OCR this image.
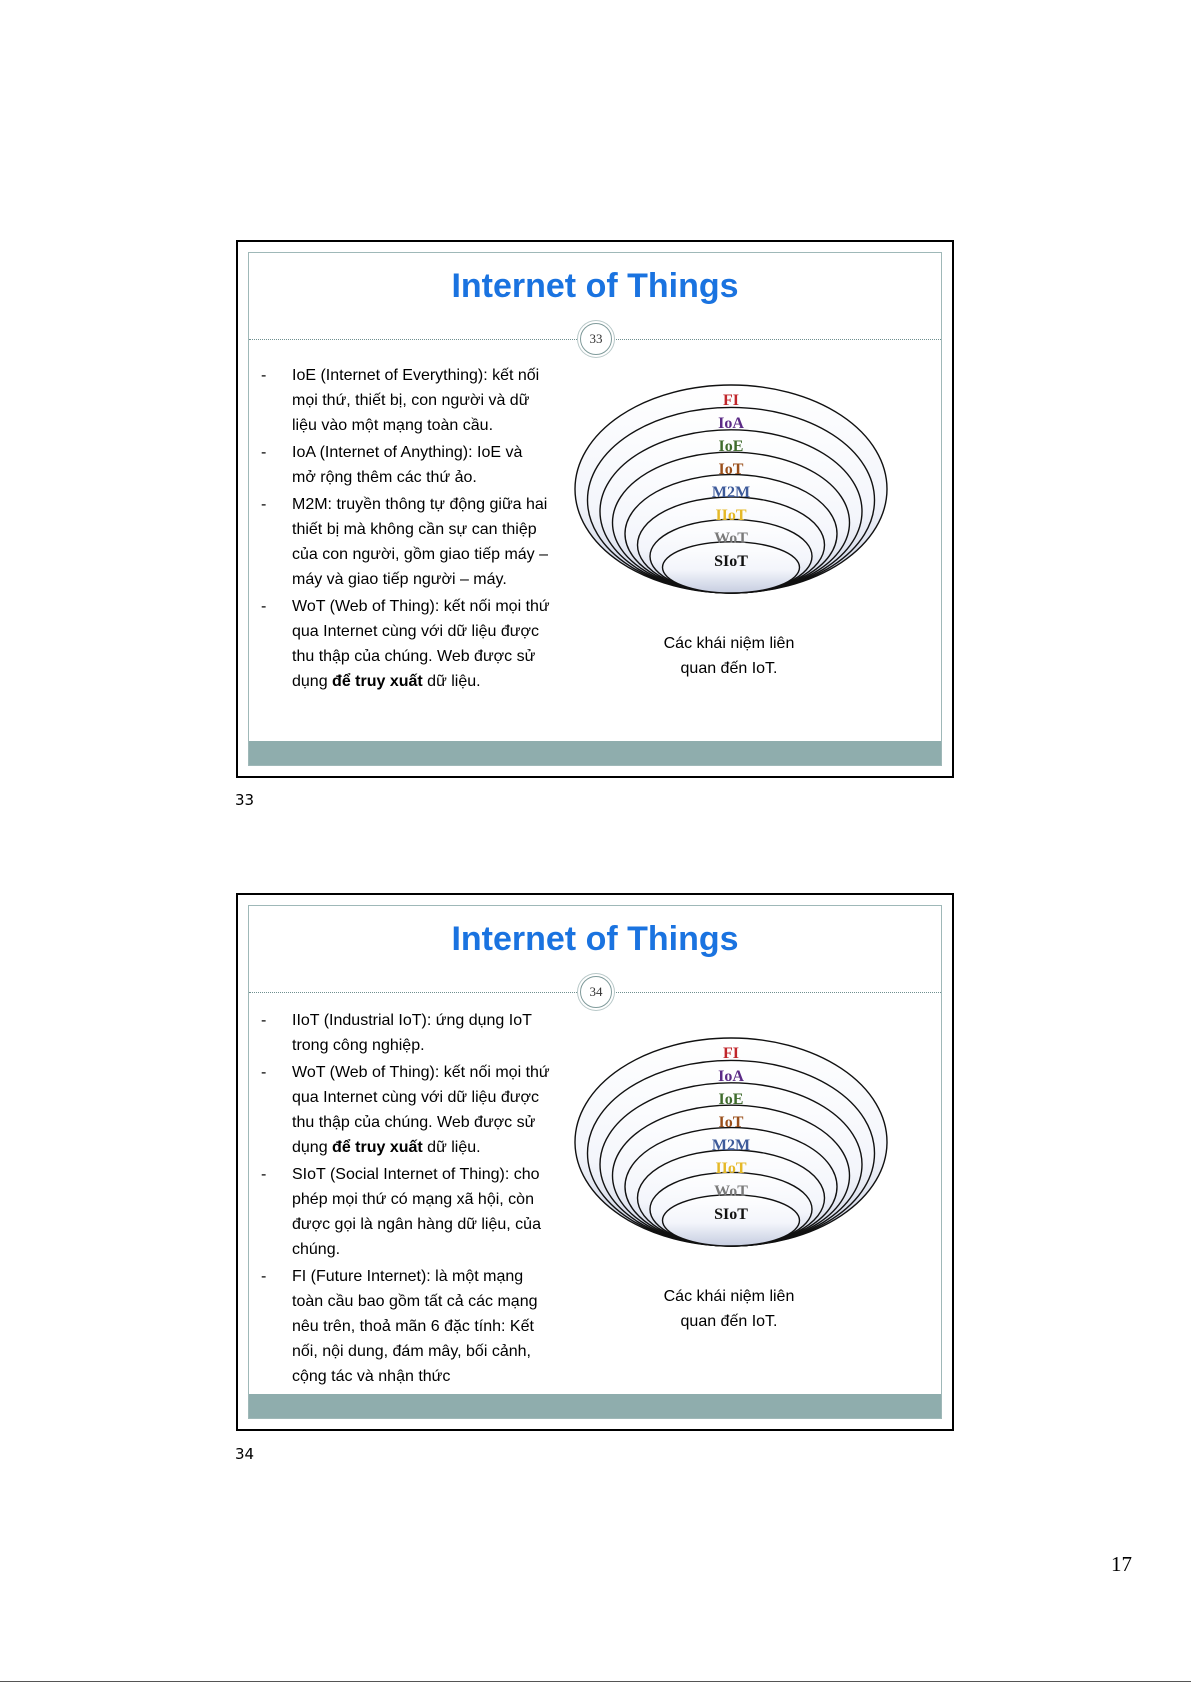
Internet of Things
33
- IoE (Internet of Everything): kết nối
mọi thứ, thiết bị, con người và dữ
liệu vào một mạng toàn cầu.
- IoA (Internet of Anything): IoE và
mở rộng thêm các thứ ảo.
- M2M: truyền thông tự động giữa hai
thiết bị mà không cần sự can thiệp
của con người, gồm giao tiếp máy –
máy và giao tiếp người – máy.
- WoT (Web of Thing): kết nối mọi thứ
qua Internet cùng với dữ liệu được
thu thập của chúng. Web được sử
dụng để truy xuất dữ liệu.
FI
IoA
IoE
IoT
M2M
IIoT
WoT
SIoT
Các khái niệm liên
quan đến IoT.
33
Internet of Things
34
- IIoT (Industrial IoT): ứng dụng IoT
trong công nghiệp.
- WoT (Web of Thing): kết nối mọi thứ
qua Internet cùng với dữ liệu được
thu thập của chúng. Web được sử
dụng để truy xuất dữ liệu.
- SIoT (Social Internet of Thing): cho
phép mọi thứ có mạng xã hội, còn
được gọi là ngân hàng dữ liệu, của
chúng.
- FI (Future Internet): là một mạng
toàn cầu bao gồm tất cả các mạng
nêu trên, thoả mãn 6 đặc tính: Kết
nối, nội dung, đám mây, bối cảnh,
cộng tác và nhận thức
FI
IoA
IoE
IoT
M2M
IIoT
WoT
SIoT
Các khái niệm liên
quan đến IoT.
34
17
